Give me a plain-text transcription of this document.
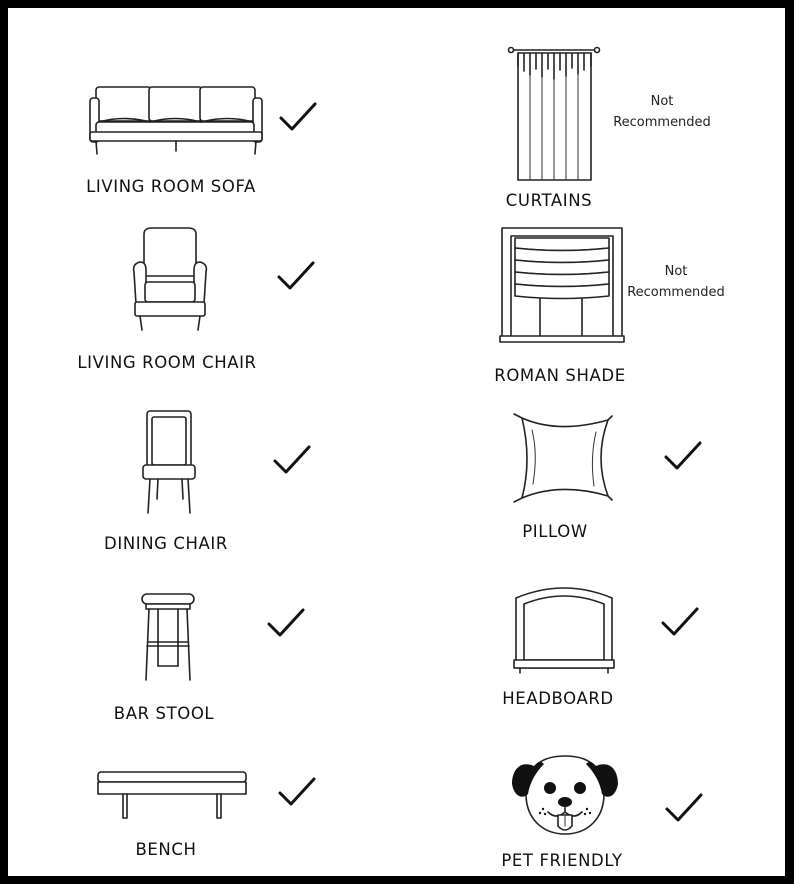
LIVING ROOM SOFA
LIVING ROOM CHAIR
DINING CHAIR
BAR STOOL
BENCH
Not
Recommended
CURTAINS
Not
Recommended
ROMAN SHADE
PILLOW
HEADBOARD
PET FRIENDLY
